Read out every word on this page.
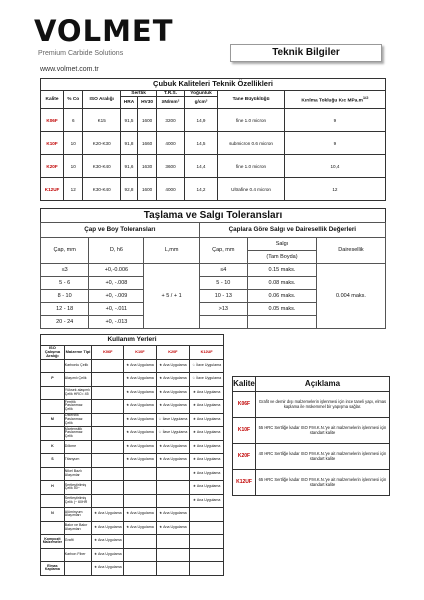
VOLMET
Premium Carbide Solutions
www.volmet.com.tr
Teknik Bilgiler
Çubuk Kaliteleri Teknik Özellikleri								
Kalite	% Co	ISO Aralığı	Sertlik		T.R.S.	Yoğunluk	Tane Büyüklüğü	Kırılma Tokluğu Kıc $MPa.m^{1/2}$
			HRA	HV30	≥N/mm²	g/cm³		
K06F	6	K15	91,5	1600	3200	14,9	fine 1.0 micron	9
K10F	10	K20-K30	91,8	1660	4000	14,5	submicron 0.6 micron	9
K20F	10	K30-K40	91,6	1630	3600	14,4	fine 1.0 micron	10,4
K12UF	12	K30-K40	92,8	1600	4000	14,2	Ultrafine 0.4 micron	12
Taşlama ve Salgı Toleransları
Çap ve Boy Toleransları			Çaplara Göre Salgı ve Dairesellik Değerleri		
Çap, mm	D, h6	L,mm	Çap, mm	Salgı	Dairesellik
				(Tam Boyda)	
≤3	+0,-0.006	+ 5 / + 1	≤4	0.15 maks.	0.004 maks.
5 - 6	+0, -.008		5 - 10	0.08 maks.	
8 - 10	+0, -.009		10 - 13	0.06 maks.	
12 - 18	+0, -.011		>13	0.05 maks.	
20 - 24	+0, -.013				
Kullanım Yerleri					
ISO Çalışma Aralığı	Malzeme Tipi	K06F	K10F	K20F	K12UF
	Karbonlu Çelik		★ Ana Uygulama	★ Ana Uygulama	☆ İlave Uygulama
P	Alaşımlı Çelik		★ Ana Uygulama	★ Ana Uygulama	☆ İlave Uygulama
	Yüksek alaşımlı Çelik HRC< 45		★ Ana Uygulama	★ Ana Uygulama	★ Ana Uygulama
	Ferritik Paslanmaz Çelik		★ Ana Uygulama	★ Ana Uygulama	★ Ana Uygulama
M	Östenitik Paslanmaz Çelik		★ Ana Uygulama	☆ İlave Uygulama	★ Ana Uygulama
	Martensitik Paslanmaz Çelik		★ Ana Uygulama	☆ İlave Uygulama	★ Ana Uygulama
K	Dökme		★ Ana Uygulama	★ Ana Uygulama	★ Ana Uygulama
S	Titanyum		★ Ana Uygulama	★ Ana Uygulama	★ Ana Uygulama
	Nikel Bazlı Alaşımlar				★ Ana Uygulama
H	Sertleştirilmiş Çelik 50~				★ Ana Uygulama
	Sertleştirilmiş Çelik (~ 60HR				★ Ana Uygulama
N	Alüminyum Alaşımları	★ Ana Uygulama	★ Ana Uygulama	★ Ana Uygulama	
	Bakır ve Bakır Alaşımları	★ Ana Uygulama	★ Ana Uygulama	★ Ana Uygulama	
Kompozit Malzemeler	Grafit	★ Ana Uygulama			
	Karbon Fiber	★ Ana Uygulama			
Elmas Kaplama		★ Ana Uygulama			
Kalite	Açıklama
K06F	Grafit ve demir dışı malzemelerin işlenmesi için ince taneli yapı, elmas kaplama ile mükemmel bir yapışma sağlar.
K10F	55 HRC Sertliğe kadar ISO P.M.K.N.'ye ait malzemelerin işlenmesi için standart kalite
K20F	40 HRC Sertliğe kadar ISO P.M.K.N.'ye ait malzemelerin işlenmesi için standart kalite
K12UF	65 HRC Sertliğe kadar ISO P.M.K.N.'ye ait malzemelerin işlenmesi için standart kalite
